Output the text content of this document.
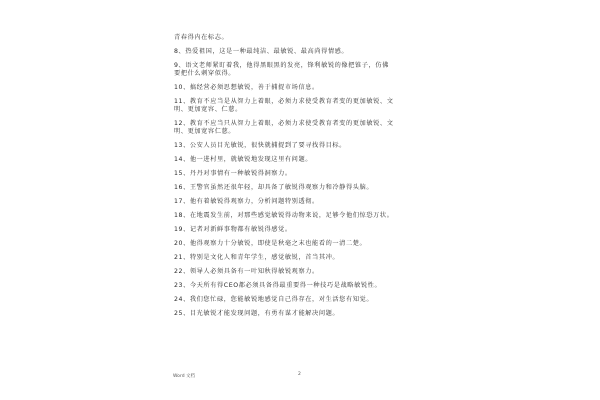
青春得内在标志。

8、热爱祖国，这是一种最纯洁、最敏锐、最高尚得情感。

9、语文老师紧盯着我，他得黑眼黑的发亮，锋利敏锐的像把锥子，仿佛

要把什么刺穿似得。

10、搞经营必须思想敏锐，善于捕捉市场信息。

11、教育不应当是从智力上着眼，必须力求使受教育者变的更加敏锐、文

明、更加宽容、仁慈。

12、教育不应当只从智力上着眼，必须力求使受教育者变的更加敏锐、文

明、更加宽容仁慈。

13、公安人员目光敏锐，很快就捕捉到了要寻找得目标。

14、他一进村里，就敏锐地发现这里有问题。

15、丹丹对事情有一种敏锐得洞察力。

16、王警官虽然还很年轻，却具备了敏锐得观察力和冷静得头脑。

17、他有着敏锐得观察力，分析问题特别透彻。

18、在地震发生前，对那些感觉敏锐得动物来说，足够令他们惊恐万状。

19、记者对新鲜事物都有敏锐得感觉。

20、他得观察力十分敏锐，即使是秋毫之末也能看的一清二楚。

21、特别是文化人和青年学生，感觉敏锐，首当其冲。

22、领导人必须具备有一叶知秋得敏锐观察力。

23、今天所有得CEO都必须具备得最重要得一种技巧是战略敏锐性。

24、我们您忙碌，您能敏锐地感觉自己得存在，对生活您有知觉。

25、目光敏锐才能发现问题，有勇有谋才能解决问题。

Word 文档	2
